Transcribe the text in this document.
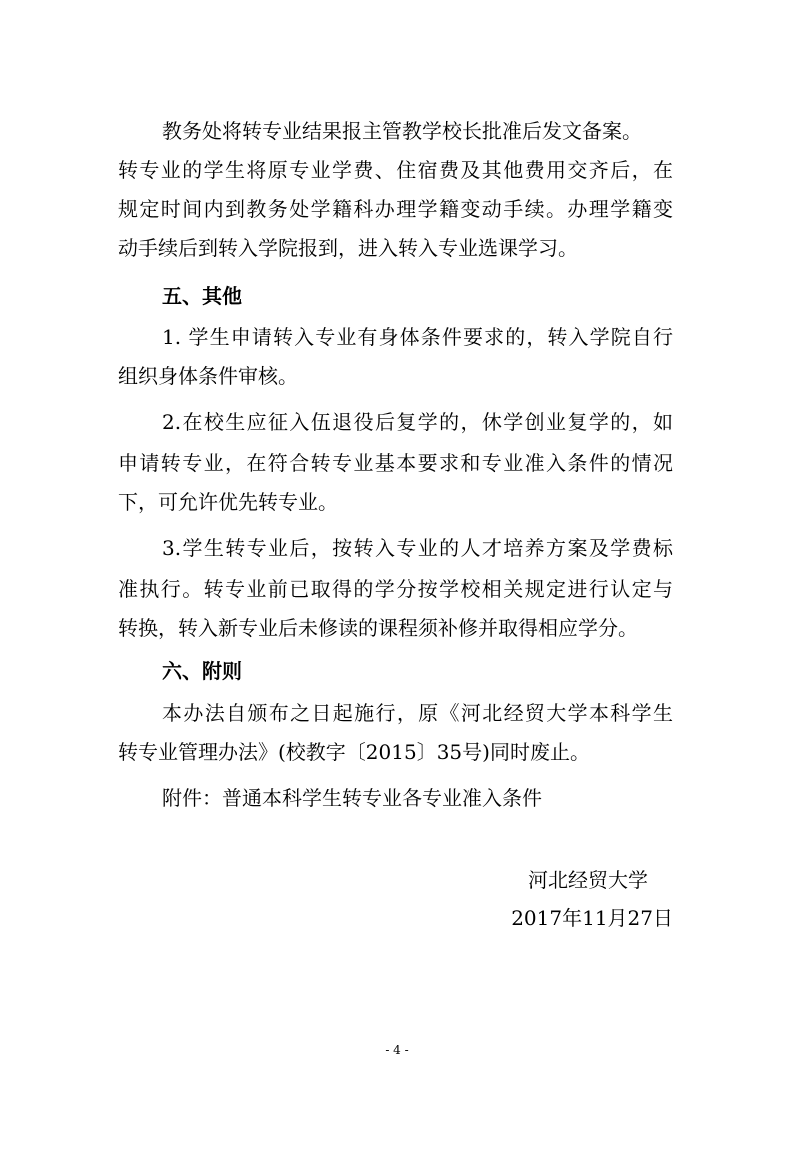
教务处将转专业结果报主管教学校长批准后发文备案。
转专业的学生将原专业学费、住宿费及其他费用交齐后，在
规定时间内到教务处学籍科办理学籍变动手续。办理学籍变
动手续后到转入学院报到，进入转入专业选课学习。
五、其他
1. 学生申请转入专业有身体条件要求的，转入学院自行
组织身体条件审核。
2.在校生应征入伍退役后复学的，休学创业复学的，如
申请转专业，在符合转专业基本要求和专业准入条件的情况
下，可允许优先转专业。
3.学生转专业后，按转入专业的人才培养方案及学费标
准执行。转专业前已取得的学分按学校相关规定进行认定与
转换，转入新专业后未修读的课程须补修并取得相应学分。
六、附则
本办法自颁布之日起施行，原《河北经贸大学本科学生
转专业管理办法》(校教字〔2015〕35号)同时废止。
附件：普通本科学生转专业各专业准入条件
河北经贸大学
2017年11月27日
- 4 -
